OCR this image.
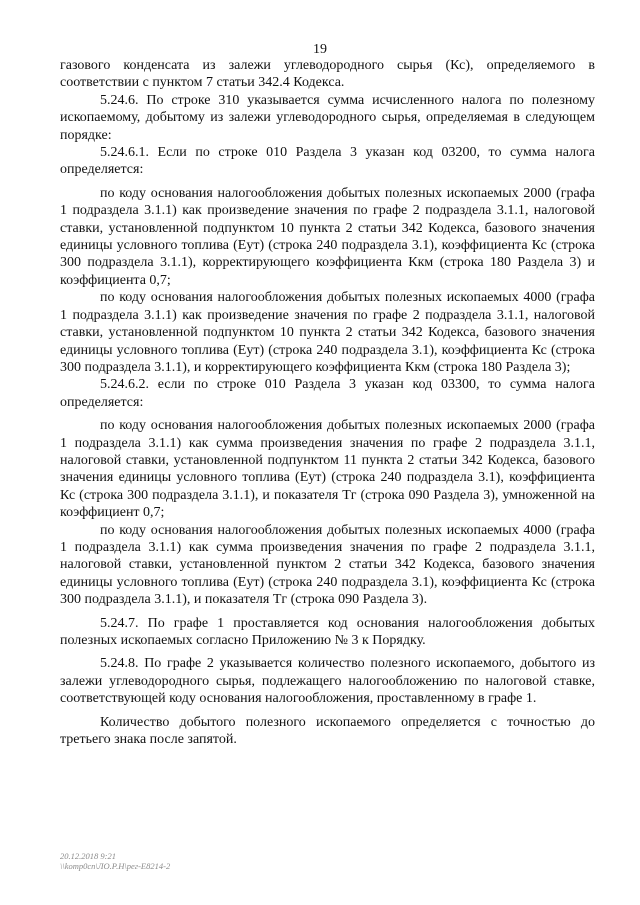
19

газового конденсата из залежи углеводородного сырья (Кс), определяемого в соответствии с пунктом 7 статьи 342.4 Кодекса.

5.24.6. По строке 310 указывается сумма исчисленного налога по полезному ископаемому, добытому из залежи углеводородного сырья, определяемая в следующем порядке:

5.24.6.1. Если по строке 010 Раздела 3 указан код 03200, то сумма налога определяется:

по коду основания налогообложения добытых полезных ископаемых 2000 (графа 1 подраздела 3.1.1) как произведение значения по графе 2 подраздела 3.1.1, налоговой ставки, установленной подпунктом 10 пункта 2 статьи 342 Кодекса, базового значения единицы условного топлива (Еут) (строка 240 подраздела 3.1), коэффициента Кс (строка 300 подраздела 3.1.1), корректирующего коэффициента Ккм (строка 180 Раздела 3) и коэффициента 0,7;

по коду основания налогообложения добытых полезных ископаемых 4000 (графа 1 подраздела 3.1.1) как произведение значения по графе 2 подраздела 3.1.1, налоговой ставки, установленной подпунктом 10 пункта 2 статьи 342 Кодекса, базового значения единицы условного топлива (Еут) (строка 240 подраздела 3.1), коэффициента Кс (строка 300 подраздела 3.1.1), и корректирующего коэффициента Ккм (строка 180 Раздела 3);

5.24.6.2. если по строке 010 Раздела 3 указан код 03300, то сумма налога определяется:

по коду основания налогообложения добытых полезных ископаемых 2000 (графа 1 подраздела 3.1.1) как сумма произведения значения по графе 2 подраздела 3.1.1, налоговой ставки, установленной подпунктом 11 пункта 2 статьи 342 Кодекса, базового значения единицы условного топлива (Еут) (строка 240 подраздела 3.1), коэффициента Кс (строка 300 подраздела 3.1.1), и показателя Тг (строка 090 Раздела 3), умноженной на коэффициент 0,7;

по коду основания налогообложения добытых полезных ископаемых 4000 (графа 1 подраздела 3.1.1) как сумма произведения значения по графе 2 подраздела 3.1.1, налоговой ставки, установленной пунктом 2 статьи 342 Кодекса, базового значения единицы условного топлива (Еут) (строка 240 подраздела 3.1), коэффициента Кс (строка 300 подраздела 3.1.1), и показателя Тг (строка 090 Раздела 3).

5.24.7. По графе 1 проставляется код основания налогообложения добытых полезных ископаемых согласно Приложению № 3 к Порядку.

5.24.8. По графе 2 указывается количество полезного ископаемого, добытого из залежи углеводородного сырья, подлежащего налогообложению по налоговой ставке, соответствующей коду основания налогообложения, проставленному в графе 1.

Количество добытого полезного ископаемого определяется с точностью до третьего знака после запятой.

20.12.2018 9:21
\\komp0cn\ЛО.Р.Н\рег-Е8214-2
